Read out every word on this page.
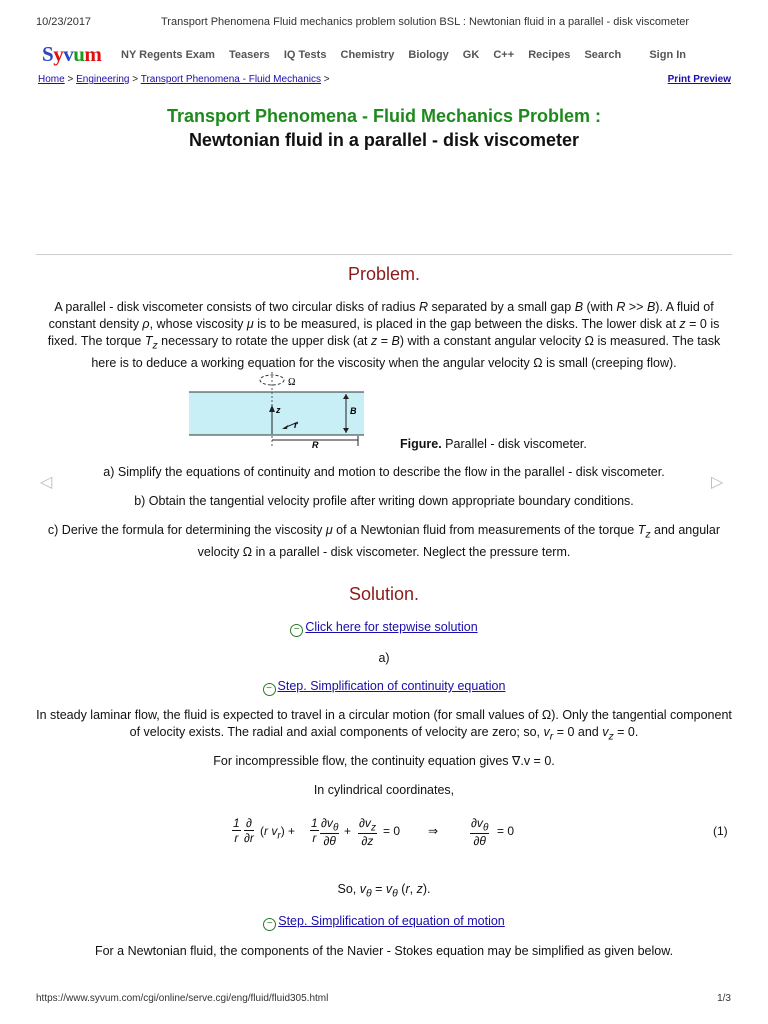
10/23/2017	Transport Phenomena Fluid mechanics problem solution BSL : Newtonian fluid in a parallel - disk viscometer
Syvum NY Regents Exam Teasers IQ Tests Chemistry Biology GK C++ Recipes Search	Sign In
Home > Engineering > Transport Phenomena - Fluid Mechanics >	Print Preview
Transport Phenomena - Fluid Mechanics Problem :
Newtonian fluid in a parallel - disk viscometer
Problem.
A parallel - disk viscometer consists of two circular disks of radius R separated by a small gap B (with R >> B). A fluid of constant density ρ, whose viscosity μ is to be measured, is placed in the gap between the disks. The lower disk at z = 0 is fixed. The torque $T_z$ necessary to rotate the upper disk (at z = B) with a constant angular velocity Ω is measured. The task here is to deduce a working equation for the viscosity when the angular velocity Ω is small (creeping flow).
Ω
z	B
r
R	Figure. Parallel - disk viscometer.
◁	▷
a) Simplify the equations of continuity and motion to describe the flow in the parallel - disk viscometer.
b) Obtain the tangential velocity profile after writing down appropriate boundary conditions.
c) Derive the formula for determining the viscosity μ of a Newtonian fluid from measurements of the torque $T_z$ and angular velocity Ω in a parallel - disk viscometer. Neglect the pressure term.
Solution.
− Click here for stepwise solution
a)
− Step. Simplification of continuity equation
In steady laminar flow, the fluid is expected to travel in a circular motion (for small values of Ω). Only the tangential component of velocity exists. The radial and axial components of velocity are zero; so, $v_r = 0$ and $v_z = 0$.
For incompressible flow, the continuity equation gives ∇.v = 0.
In cylindrical coordinates,
$\frac{1}{r}$ ∂
∂r (r $v_r) + \frac{1}{r} \frac{\partial v_\theta}{\partial\theta} + \frac{\partial v_z}{\partial z} = 0$ ⇒	$\frac{\partial v_\theta}{\partial\theta} = 0$	(1)
So, $v_\theta = v_\theta$ (r, z).
− Step. Simplification of equation of motion
For a Newtonian fluid, the components of the Navier - Stokes equation may be simplified as given below.
https://www.syvum.com/cgi/online/serve.cgi/eng/fluid/fluid305.html	1/3
